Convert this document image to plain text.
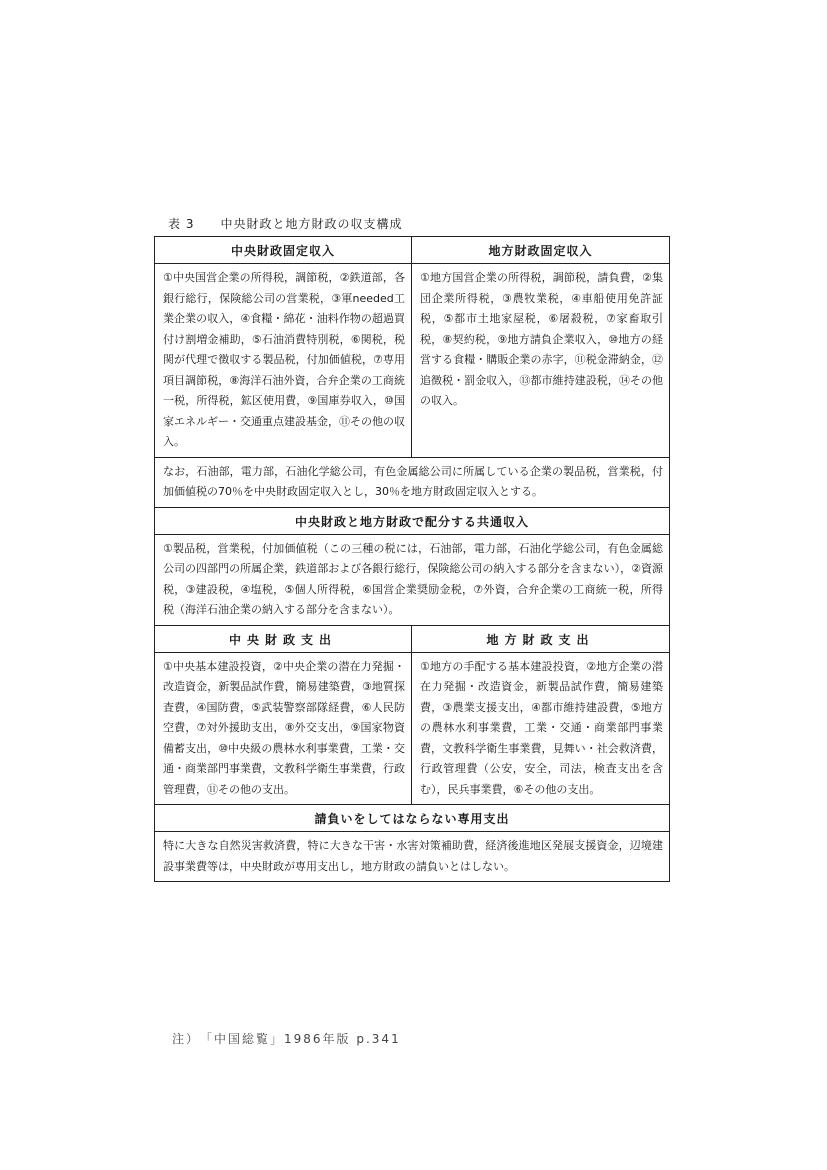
表 3 中央財政と地方財政の収支構成
中央財政固定収入	地方財政固定収入
①中央国営企業の所得税，調節税，②鉄道部，各銀行総行，保険総公司の営業税，③軍needed工業企業の収入，④食糧・綿花・油料作物の超過買付け割増金補助，⑤石油消費特別税，⑥関税，税関が代理で徴収する製品税，付加価値税，⑦専用項目調節税，⑧海洋石油外資，合弁企業の工商統一税，所得税，鉱区使用費，⑨国庫券収入，⑩国家エネルギー・交通重点建設基金，⑪その他の収入。
①地方国営企業の所得税，調節税，請負費，②集団企業所得税，③農牧業税，④車船使用免許証税，⑤都市土地家屋税，⑥屠殺税，⑦家畜取引税，⑧契約税，⑨地方請負企業収入，⑩地方の経営する食糧・購販企業の赤字，⑪税金滞納金，⑫追徴税・罰金収入，⑬都市維持建設税，⑭その他の収入。
なお，石油部，電力部，石油化学総公司，有色金属総公司に所属している企業の製品税，営業税，付加価値税の70％を中央財政固定収入とし，30％を地方財政固定収入とする。
中央財政と地方財政で配分する共通収入
①製品税，営業税，付加価値税（この三種の税には，石油部，電力部，石油化学総公司，有色金属総公司の四部門の所属企業，鉄道部および各銀行総行，保険総公司の納入する部分を含まない），②資源税，③建設税，④塩税，⑤個人所得税，⑥国営企業奨励金税，⑦外資，合弁企業の工商統一税，所得税（海洋石油企業の納入する部分を含まない）。
中央財政支出	地方財政支出
①中央基本建設投資，②中央企業の潜在力発掘・改造資金，新製品試作費，簡易建築費，③地質探査費，④国防費，⑤武装警察部隊経費，⑥人民防空費，⑦対外援助支出，⑧外交支出，⑨国家物資備蓄支出，⑩中央級の農林水利事業費，工業・交通・商業部門事業費，文教科学衛生事業費，行政管理費，⑪その他の支出。
①地方の手配する基本建設投資，②地方企業の潜在力発掘・改造資金，新製品試作費，簡易建築費，③農業支援支出，④都市維持建設費，⑤地方の農林水利事業費，工業・交通・商業部門事業費，文教科学衛生事業費，見舞い・社会救済費，行政管理費（公安，安全，司法，検査支出を含む），民兵事業費，⑥その他の支出。
請負いをしてはならない専用支出
特に大きな自然災害救済費，特に大きな干害・水害対策補助費，経済後進地区発展支援資金，辺境建設事業費等は，中央財政が専用支出し，地方財政の請負いとはしない。
注） 「中国総覧」1986年版 p.341
